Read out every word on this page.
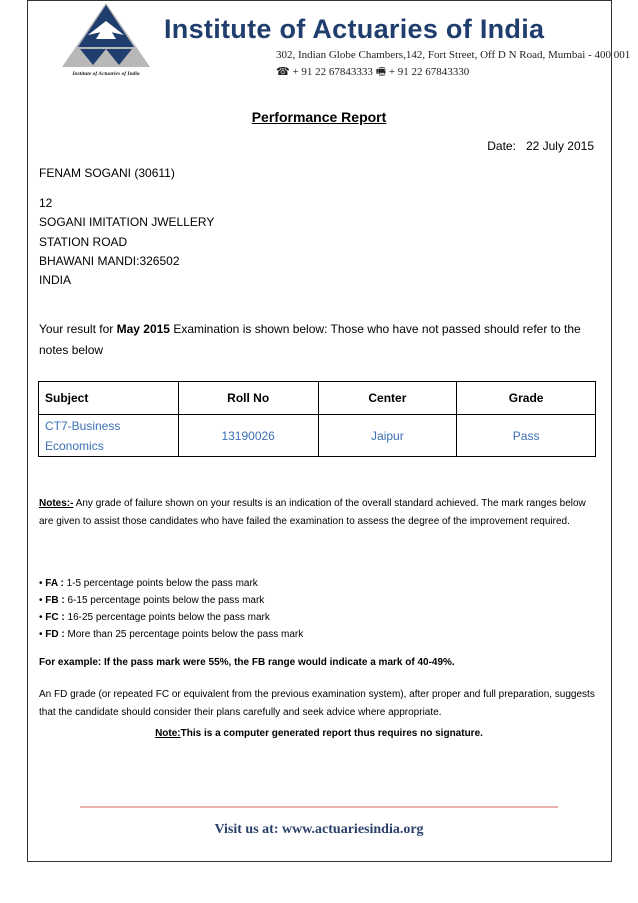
Institute of Actuaries of India
Institute of Actuaries of India
302, Indian Globe Chambers,142, Fort Street, Off D N Road, Mumbai - 400 001
☎ + 91 22 67843333 🖷 + 91 22 67843330
Performance Report
Date: 22 July 2015
FENAM SOGANI (30611)
12
SOGANI IMITATION JWELLERY
STATION ROAD
BHAWANI MANDI:326502
INDIA
Your result for May 2015 Examination is shown below: Those who have not passed should refer to the notes below
Subject	Roll No	Center	Grade
CT7-Business Economics	13190026	Jaipur	Pass
Notes:- Any grade of failure shown on your results is an indication of the overall standard achieved. The mark ranges below are given to assist those candidates who have failed the examination to assess the degree of the improvement required.
• FA : 1-5 percentage points below the pass mark
• FB : 6-15 percentage points below the pass mark
• FC : 16-25 percentage points below the pass mark
• FD : More than 25 percentage points below the pass mark
For example: If the pass mark were 55%, the FB range would indicate a mark of 40-49%.
An FD grade (or repeated FC or equivalent from the previous examination system), after proper and full preparation, suggests that the candidate should consider their plans carefully and seek advice where appropriate.
Note:This is a computer generated report thus requires no signature.
Visit us at: www.actuariesindia.org
